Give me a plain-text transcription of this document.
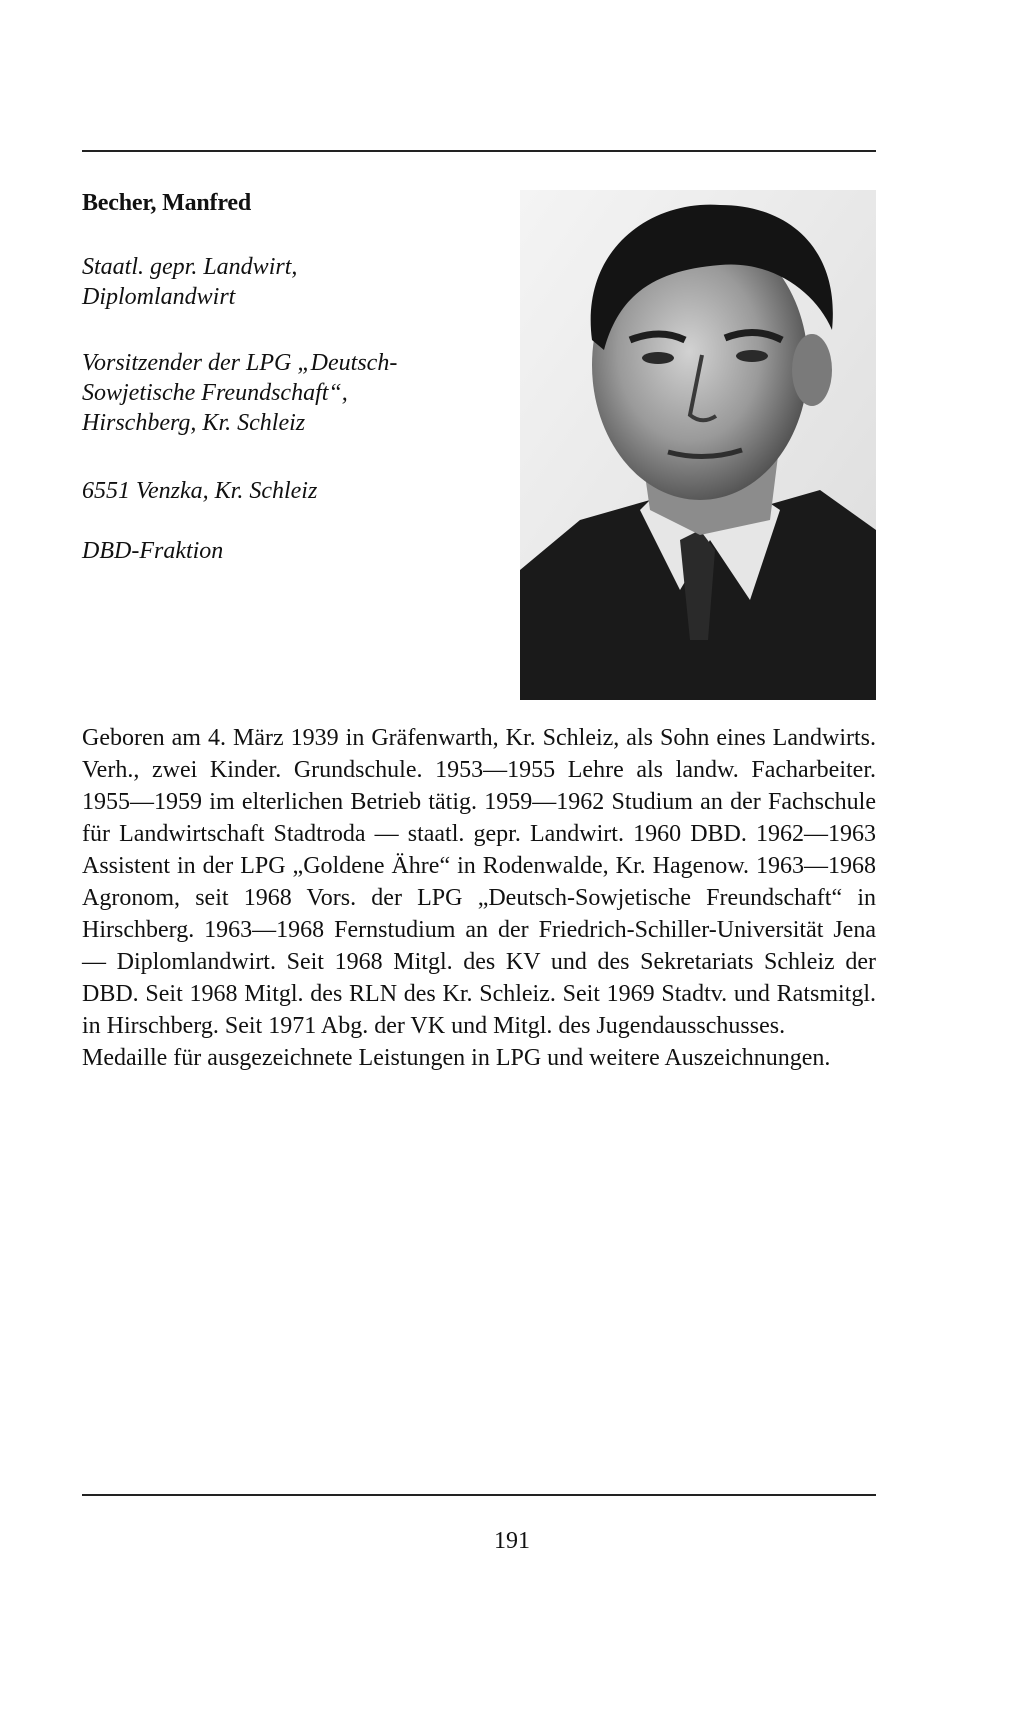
Becher, Manfred
Staatl. gepr. Landwirt,
Diplomlandwirt
Vorsitzender der LPG „Deutsch-
Sowjetische Freundschaft“,
Hirschberg, Kr. Schleiz
6551 Venzka, Kr. Schleiz
DBD-Fraktion

Geboren am 4. März 1939 in Gräfenwarth, Kr. Schleiz, als Sohn eines Landwirts. Verh., zwei Kinder. Grundschule. 1953—1955 Lehre als landw. Facharbeiter. 1955—1959 im elterlichen Betrieb tätig. 1959—1962 Studium an der Fachschule für Landwirtschaft Stadtroda — staatl. gepr. Landwirt. 1960 DBD. 1962—1963 Assistent in der LPG „Goldene Ähre“ in Rodenwalde, Kr. Hagenow. 1963—1968 Agronom, seit 1968 Vors. der LPG „Deutsch-Sowjetische Freundschaft“ in Hirschberg. 1963—1968 Fernstudium an der Friedrich-Schiller-Universität Jena — Diplomlandwirt. Seit 1968 Mitgl. des KV und des Sekretariats Schleiz der DBD. Seit 1968 Mitgl. des RLN des Kr. Schleiz. Seit 1969 Stadtv. und Ratsmitgl. in Hirschberg. Seit 1971 Abg. der VK und Mitgl. des Jugendausschusses.

Medaille für ausgezeichnete Leistungen in LPG und weitere Auszeichnungen.

191
